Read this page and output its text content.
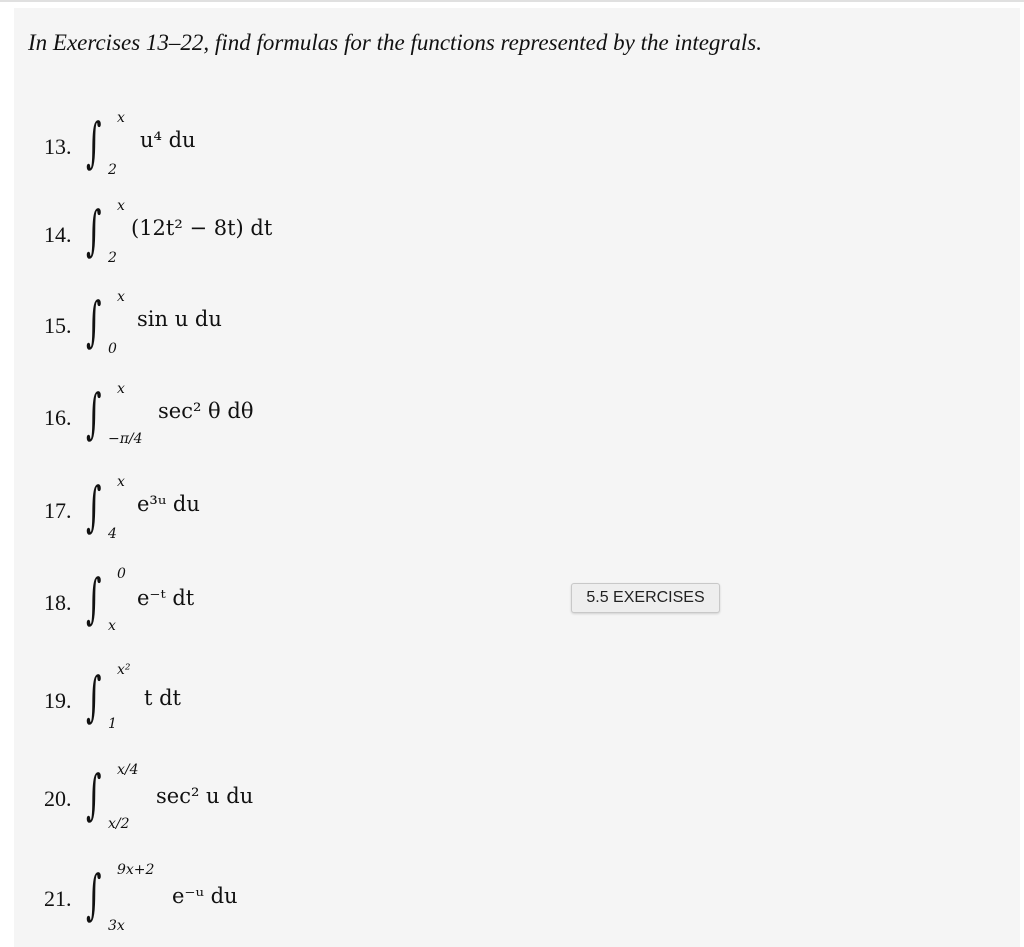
In Exercises 13–22, find formulas for the functions represented by the integrals.
13. ∫ x
2
u⁴ du
14. ∫ x
2
(12t² − 8t) dt
15. ∫ x
0
sin u du
16. ∫ x
−π/4
sec² θ dθ
17. ∫ x
4
e³ᵘ du
18. ∫ 0
x
e⁻ᵗ dt
19. ∫ x²
1
t dt
20. ∫ x/4
x/2
sec² u du
21. ∫ 9x+2
3x
e⁻ᵘ du
5.5 EXERCISES
